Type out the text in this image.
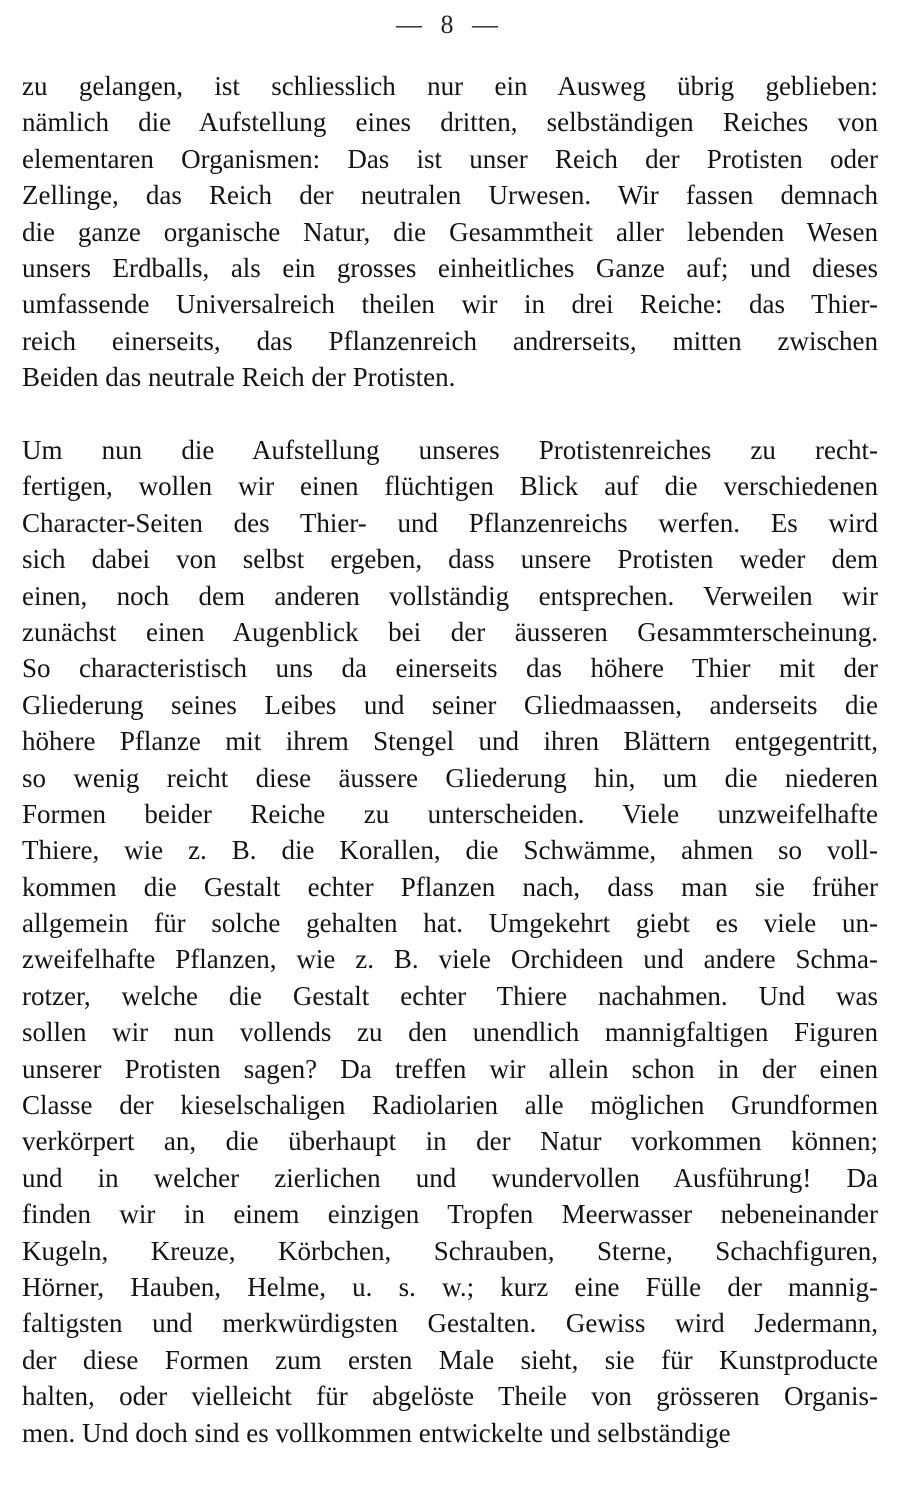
— 8 —
zu gelangen, ist schliesslich nur ein Ausweg übrig geblieben:
nämlich die Aufstellung eines dritten, selbständigen Reiches von
elementaren Organismen: Das ist unser Reich der Protisten oder
Zellinge, das Reich der neutralen Urwesen. Wir fassen demnach
die ganze organische Natur, die Gesammtheit aller lebenden Wesen
unsers Erdballs, als ein grosses einheitliches Ganze auf; und dieses
umfassende Universalreich theilen wir in drei Reiche: das Thier-
reich einerseits, das Pflanzenreich andrerseits, mitten zwischen
Beiden das neutrale Reich der Protisten.
Um nun die Aufstellung unseres Protistenreiches zu recht-
fertigen, wollen wir einen flüchtigen Blick auf die verschiedenen
Character-Seiten des Thier- und Pflanzenreichs werfen. Es wird
sich dabei von selbst ergeben, dass unsere Protisten weder dem
einen, noch dem anderen vollständig entsprechen. Verweilen wir
zunächst einen Augenblick bei der äusseren Gesammterscheinung.
So characteristisch uns da einerseits das höhere Thier mit der
Gliederung seines Leibes und seiner Gliedmaassen, anderseits die
höhere Pflanze mit ihrem Stengel und ihren Blättern entgegentritt,
so wenig reicht diese äussere Gliederung hin, um die niederen
Formen beider Reiche zu unterscheiden. Viele unzweifelhafte
Thiere, wie z. B. die Korallen, die Schwämme, ahmen so voll-
kommen die Gestalt echter Pflanzen nach, dass man sie früher
allgemein für solche gehalten hat. Umgekehrt giebt es viele un-
zweifelhafte Pflanzen, wie z. B. viele Orchideen und andere Schma-
rotzer, welche die Gestalt echter Thiere nachahmen. Und was
sollen wir nun vollends zu den unendlich mannigfaltigen Figuren
unserer Protisten sagen? Da treffen wir allein schon in der einen
Classe der kieselschaligen Radiolarien alle möglichen Grundformen
verkörpert an, die überhaupt in der Natur vorkommen können;
und in welcher zierlichen und wundervollen Ausführung! Da
finden wir in einem einzigen Tropfen Meerwasser nebeneinander
Kugeln, Kreuze, Körbchen, Schrauben, Sterne, Schachfiguren,
Hörner, Hauben, Helme, u. s. w.; kurz eine Fülle der mannig-
faltigsten und merkwürdigsten Gestalten. Gewiss wird Jedermann,
der diese Formen zum ersten Male sieht, sie für Kunstproducte
halten, oder vielleicht für abgelöste Theile von grösseren Organis-
men. Und doch sind es vollkommen entwickelte und selbständige
